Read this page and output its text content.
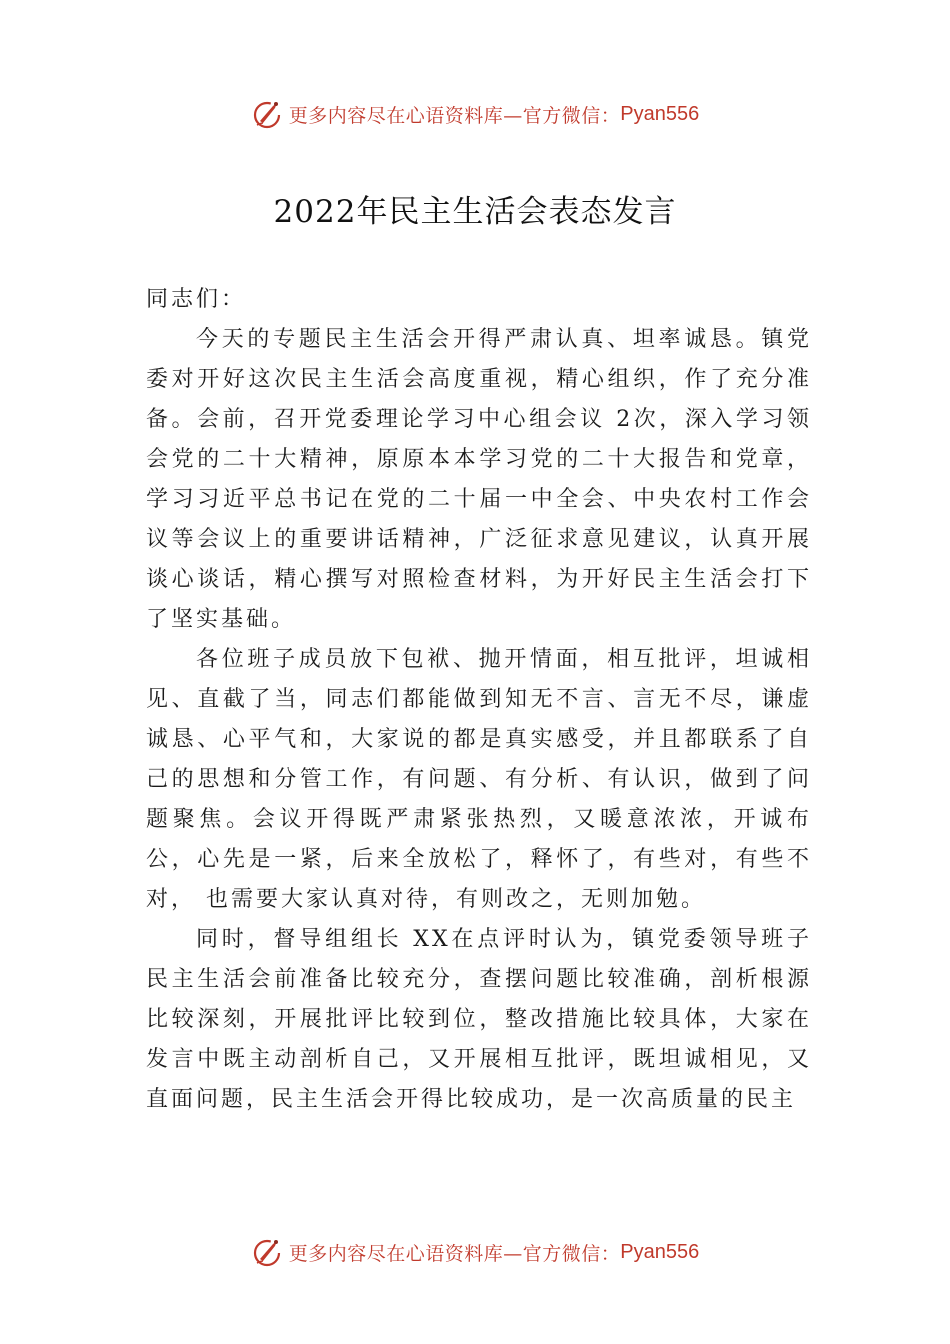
更多内容尽在心语资料库—官方微信： Pyan556
2022年民主生活会表态发言

同志们：

今天的专题民主生活会开得严肃认真、坦率诚恳。镇党委对开好这次民主生活会高度重视，精心组织，作了充分准备。会前，召开党委理论学习中心组会议 2次，深入学习领会党的二十大精神，原原本本学习党的二十大报告和党章， 学习习近平总书记在党的二十届一中全会、中央农村工作会议等会议上的重要讲话精神，广泛征求意见建议，认真开展谈心谈话，精心撰写对照检查材料，为开好民主生活会打下了坚实基础。

各位班子成员放下包袱、抛开情面，相互批评，坦诚相见、直截了当，同志们都能做到知无不言、言无不尽，谦虚诚恳、心平气和，大家说的都是真实感受，并且都联系了自己的思想和分管工作，有问题、有分析、有认识，做到了问题聚焦。会议开得既严肃紧张热烈，又暖意浓浓，开诚布公，心先是一紧，后来全放松了，释怀了，有些对，有些不对， 也需要大家认真对待，有则改之，无则加勉。

同时，督导组组长 XX在点评时认为，镇党委领导班子民主生活会前准备比较充分，查摆问题比较准确，剖析根源比较深刻，开展批评比较到位，整改措施比较具体，大家在发言中既主动剖析自己，又开展相互批评，既坦诚相见，又直面问题，民主生活会开得比较成功，是一次高质量的民主

更多内容尽在心语资料库—官方微信： Pyan556
